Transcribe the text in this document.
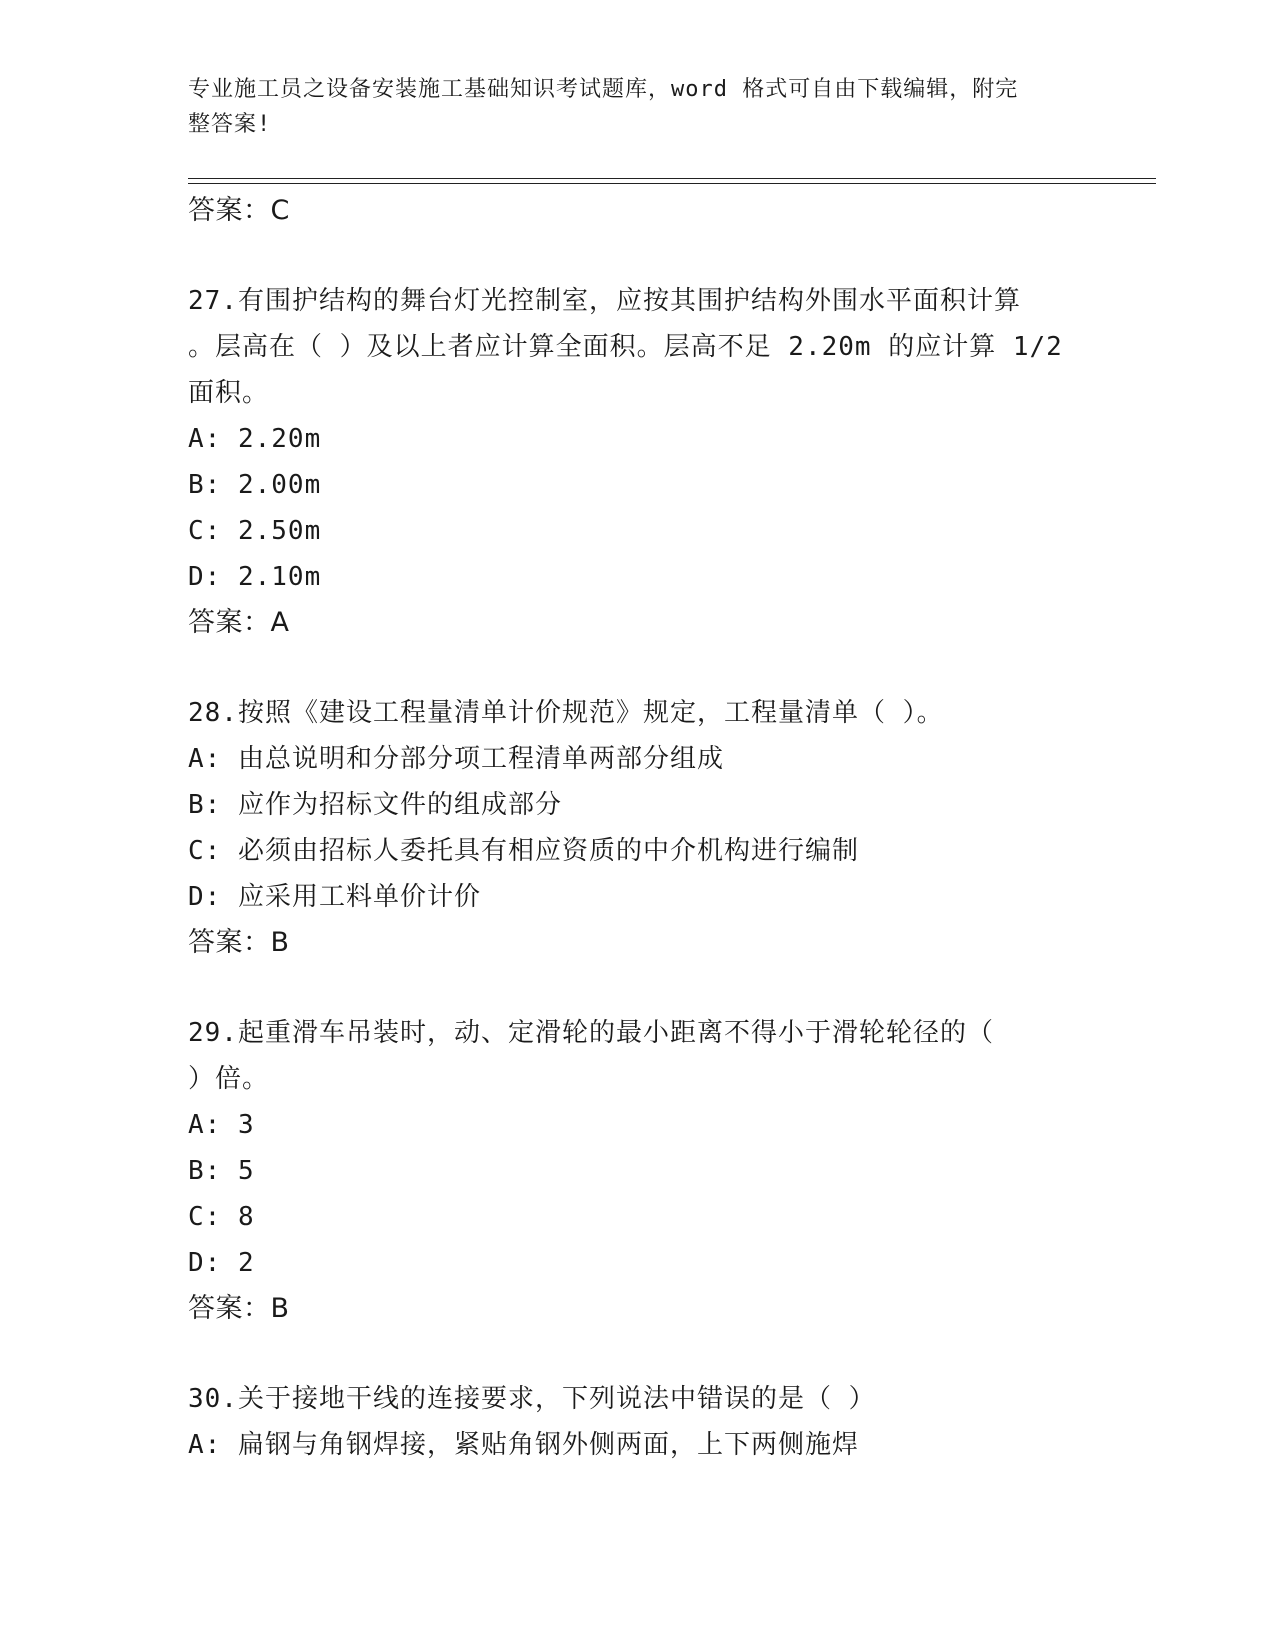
专业施工员之设备安装施工基础知识考试题库，word 格式可自由下载编辑，附完
整答案!
答案：C
27.有围护结构的舞台灯光控制室，应按其围护结构外围水平面积计算
。层高在（ ）及以上者应计算全面积。层高不足 2.20m 的应计算 1/2
面积。
A: 2.20m
B: 2.00m
C: 2.50m
D: 2.10m
答案：A
28.按照《建设工程量清单计价规范》规定，工程量清单（ ）。
A: 由总说明和分部分项工程清单两部分组成
B: 应作为招标文件的组成部分
C: 必须由招标人委托具有相应资质的中介机构进行编制
D: 应采用工料单价计价
答案：B
29.起重滑车吊装时，动、定滑轮的最小距离不得小于滑轮轮径的（
）倍。
A: 3
B: 5
C: 8
D: 2
答案：B
30.关于接地干线的连接要求，下列说法中错误的是（ ）
A: 扁钢与角钢焊接，紧贴角钢外侧两面，上下两侧施焊
